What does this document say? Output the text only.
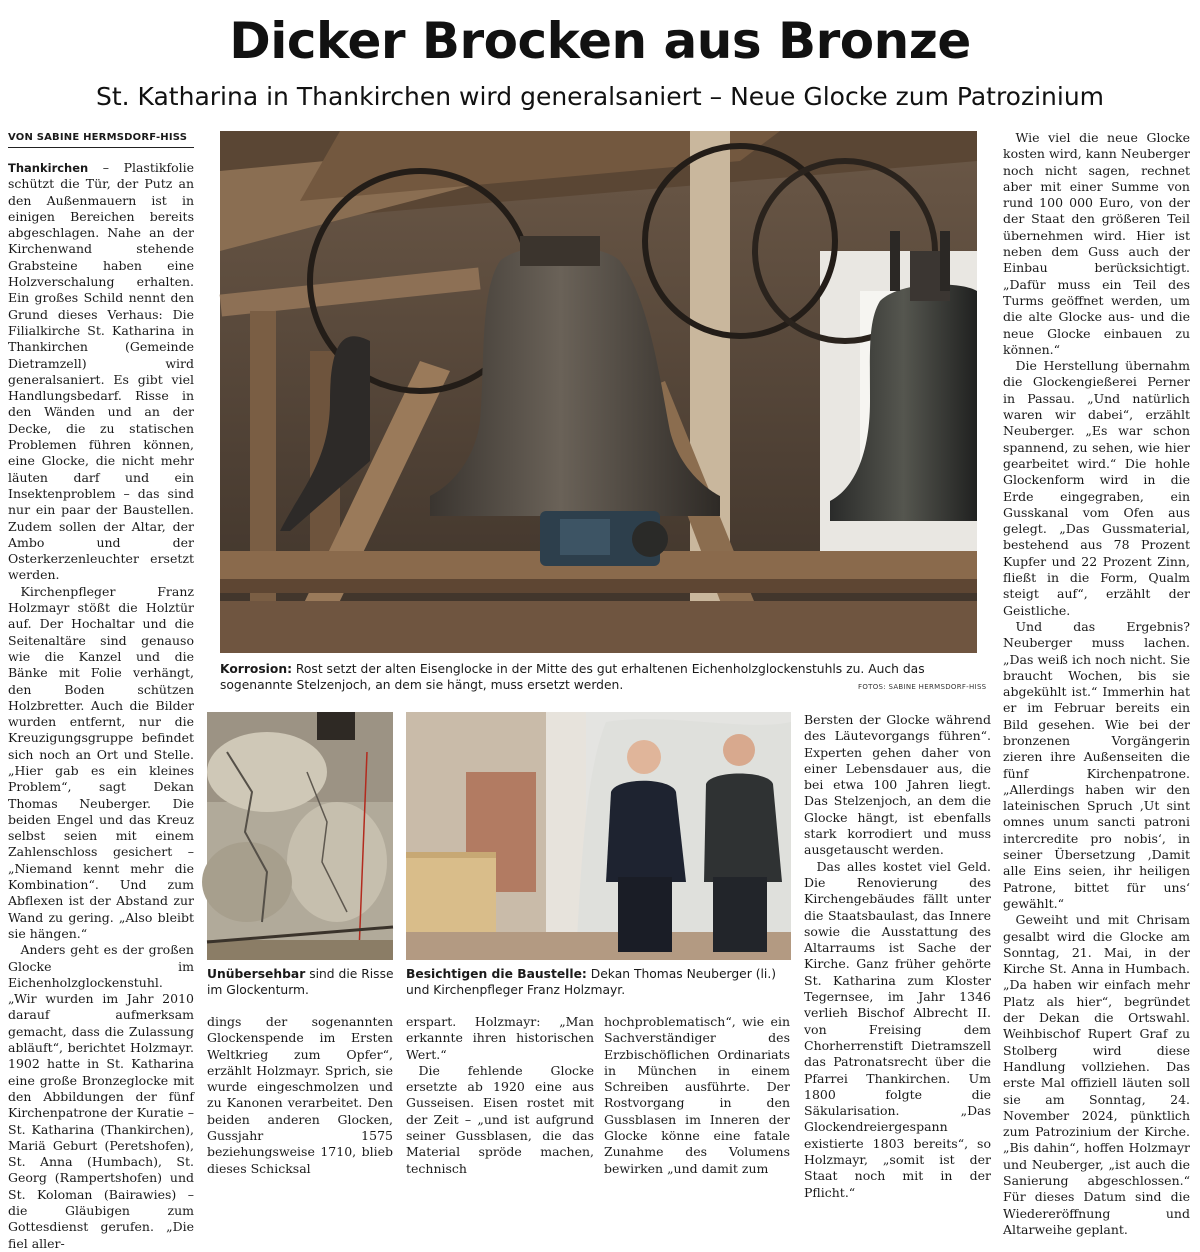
Dicker Brocken aus Bronze
St. Katharina in Thankirchen wird generalsaniert – Neue Glocke zum Patrozinium
VON SABINE HERMSDORF-HISS

Thankirchen – Plastikfolie schützt die Tür, der Putz an den Außenmauern ist in einigen Bereichen bereits abgeschlagen. Nahe an der Kirchenwand stehende Grabsteine haben eine Holzverschalung erhalten. Ein großes Schild nennt den Grund dieses Verhaus: Die Filialkirche St. Katharina in Thankirchen (Gemeinde Dietramzell) wird generalsaniert. Es gibt viel Handlungsbedarf. Risse in den Wänden und an der Decke, die zu statischen Problemen führen können, eine Glocke, die nicht mehr läuten darf und ein Insektenproblem – das sind nur ein paar der Baustellen. Zudem sollen der Altar, der Ambo und der Osterkerzenleuchter ersetzt werden.

Kirchenpfleger Franz Holzmayr stößt die Holztür auf. Der Hochaltar und die Seitenaltäre sind genauso wie die Kanzel und die Bänke mit Folie verhängt, den Boden schützen Holzbretter. Auch die Bilder wurden entfernt, nur die Kreuzigungsgruppe befindet sich noch an Ort und Stelle. „Hier gab es ein kleines Problem“, sagt Dekan Thomas Neuberger. Die beiden Engel und das Kreuz selbst seien mit einem Zahlenschloss gesichert – „Niemand kennt mehr die Kombination“. Und zum Abflexen ist der Abstand zur Wand zu gering. „Also bleibt sie hängen.“

Anders geht es der großen Glocke im Eichenholzglockenstuhl. „Wir wurden im Jahr 2010 darauf aufmerksam gemacht, dass die Zulassung abläuft“, berichtet Holzmayr. 1902 hatte in St. Katharina eine große Bronzeglocke mit den Abbildungen der fünf Kirchenpatrone der Kuratie – St. Katharina (Thankirchen), Mariä Geburt (Peretshofen), St. Anna (Humbach), St. Georg (Rampertshofen) und St. Koloman (Bairawies) – die Gläubigen zum Gottesdienst gerufen. „Die fiel aller-

Korrosion: Rost setzt der alten Eisenglocke in der Mitte des gut erhaltenen Eichenholzglockenstuhls zu. Auch das sogenannte Stelzenjoch, an dem sie hängt, muss ersetzt werden.	FOTOS: SABINE HERMSDORF-HISS
Unübersehbar sind die Risse im Glockenturm.
Besichtigen die Baustelle: Dekan Thomas Neuberger (li.) und Kirchenpfleger Franz Holzmayr.

dings der sogenannten Glockenspende im Ersten Weltkrieg zum Opfer“, erzählt Holzmayr. Sprich, sie wurde eingeschmolzen und zu Kanonen verarbeitet. Den beiden anderen Glocken, Gussjahr 1575 beziehungsweise 1710, blieb dieses Schicksal

erspart. Holzmayr: „Man erkannte ihren historischen Wert.“

Die fehlende Glocke ersetzte ab 1920 eine aus Gusseisen. Eisen rostet mit der Zeit – „und ist aufgrund seiner Gussblasen, die das Material spröde machen, technisch

hochproblematisch“, wie ein Sachverständiger des Erzbischöflichen Ordinariats in München in einem Schreiben ausführte. Der Rostvorgang in den Gussblasen im Inneren der Glocke könne eine fatale Zunahme des Volumens bewirken „und damit zum

Bersten der Glocke während des Läutevorgangs führen“. Experten gehen daher von einer Lebensdauer aus, die bei etwa 100 Jahren liegt. Das Stelzenjoch, an dem die Glocke hängt, ist ebenfalls stark korrodiert und muss ausgetauscht werden.

Das alles kostet viel Geld. Die Renovierung des Kirchengebäudes fällt unter die Staatsbaulast, das Innere sowie die Ausstattung des Altarraums ist Sache der Kirche. Ganz früher gehörte St. Katharina zum Kloster Tegernsee, im Jahr 1346 verlieh Bischof Albrecht II. von Freising dem Chorherrenstift Dietramszell das Patronatsrecht über die Pfarrei Thankirchen. Um 1800 folgte die Säkularisation. „Das Glockendreiergespann existierte 1803 bereits“, so Holzmayr, „somit ist der Staat noch mit in der Pflicht.“

Wie viel die neue Glocke kosten wird, kann Neuberger noch nicht sagen, rechnet aber mit einer Summe von rund 100 000 Euro, von der der Staat den größeren Teil übernehmen wird. Hier ist neben dem Guss auch der Einbau berücksichtigt. „Dafür muss ein Teil des Turms geöffnet werden, um die alte Glocke aus- und die neue Glocke einbauen zu können.“

Die Herstellung übernahm die Glockengießerei Perner in Passau. „Und natürlich waren wir dabei“, erzählt Neuberger. „Es war schon spannend, zu sehen, wie hier gearbeitet wird.“ Die hohle Glockenform wird in die Erde eingegraben, ein Gusskanal vom Ofen aus gelegt. „Das Gussmaterial, bestehend aus 78 Prozent Kupfer und 22 Prozent Zinn, fließt in die Form, Qualm steigt auf“, erzählt der Geistliche.

Und das Ergebnis? Neuberger muss lachen. „Das weiß ich noch nicht. Sie braucht Wochen, bis sie abgekühlt ist.“ Immerhin hat er im Februar bereits ein Bild gesehen. Wie bei der bronzenen Vorgängerin zieren ihre Außenseiten die fünf Kirchenpatrone. „Allerdings haben wir den lateinischen Spruch ‚Ut sint omnes unum sancti patroni intercredite pro nobis‘, in seiner Übersetzung ‚Damit alle Eins seien, ihr heiligen Patrone, bittet für uns‘ gewählt.“

Geweiht und mit Chrisam gesalbt wird die Glocke am Sonntag, 21. Mai, in der Kirche St. Anna in Humbach. „Da haben wir einfach mehr Platz als hier“, begründet der Dekan die Ortswahl. Weihbischof Rupert Graf zu Stolberg wird diese Handlung vollziehen. Das erste Mal offiziell läuten soll sie am Sonntag, 24. November 2024, pünktlich zum Patrozinium der Kirche. „Bis dahin“, hoffen Holzmayr und Neuberger, „ist auch die Sanierung abgeschlossen.“ Für dieses Datum sind die Wiedereröffnung und Altarweihe geplant.
